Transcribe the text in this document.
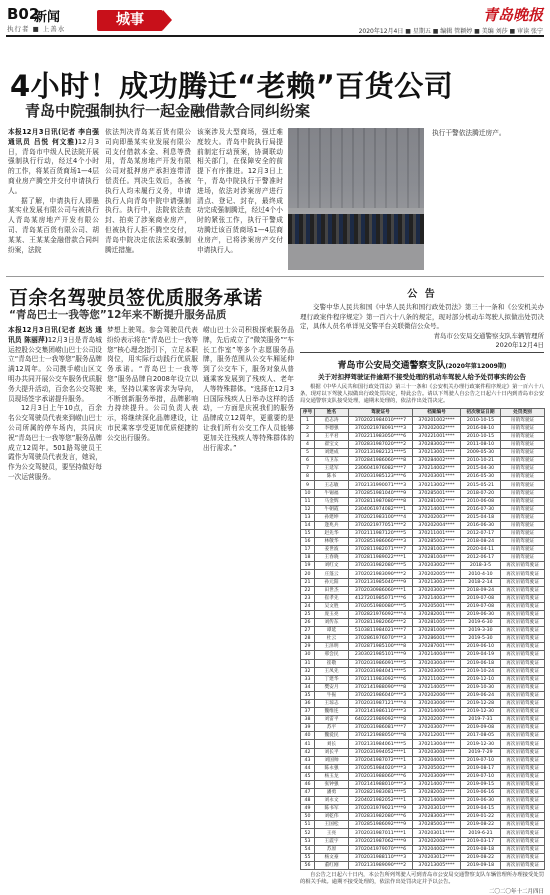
B02
新闻
执行者 ■ 上善水
城事	青岛晚报
2020年12月4日 ■ 星期五 ■ 编辑 管颖婷 ■ 美编 刘莎 ■ 审读 张宁
4小时！成功腾迁“老赖”百货公司
青岛中院强制执行一起金融借款合同纠纷案

本报12月3日讯(记者 李自强 通讯员 吕悦 何文雅)12月3日，青岛市中级人民法院开展强制执行行动，经过4个小时的工作，将某百货商场1—4层商业房产腾空并交付申请执行人。

据了解，申请执行人即墨某实业发展有限公司与被执行人青岛某房地产开发有限公司、青岛某百货有限公司、胡某某、王某某金融借款合同纠纷案，法院

依法判决青岛某百货有限公司向即墨某实业发展有限公司支付借款本金、利息等费用，青岛某房地产开发有限公司对抵押房产承担连带清偿责任。判决生效后，各被执行人均未履行义务，申请执行人向青岛中院申请强制执行。执行中，法院依法查封、拍卖了涉案商业房产，但被执行人拒不腾空交付，青岛中院决定依法采取强制腾迁措施。
该案涉及大型商场，强迁难度较大。青岛中院执行局提前制定行动预案，协调联动相关部门，在保障安全的前提下有序推进。12月3日上午，青岛中院执行干警准时进场，依法对涉案房产进行清点、登记、封存，最终成功完成强制腾迁，经过4个小时的紧张工作，执行干警成功腾迁该百货商场1—4层商业房产，已将涉案房产交付申请执行人。
执行干警依法腾迁房产。
百余名驾驶员签优质服务承诺
“青岛巴士一我等您”12年来不断提升服务品质

本报12月3日讯(记者 赵达 通讯员 陈丽萍)12月3日是青岛城运控股公交集团崂山巴士公司设立“青岛巴士一我等您”服务品牌满12周年。公司携手崂山区文明办共同开展公交车服务优质服务大提升活动，百余名公交驾驶员现场签字承诺提升服务。

12月3日上午10点，百余名公交驾驶员代表来到崂山巴士公司所属的停车场内，共同庆祝“青岛巴士一我等您”服务品牌成立12周年。501路驾驶员王霞作为驾驶员代表发言，她说，作为公交驾驶员，要坚持做好每一次运营服务。

梦想上驶驾。参会驾驶员代表纷纷表示将在“青岛巴士一我等您”核心理念指引下，立足本职岗位，用实际行动践行优质服务承诺。“青岛巴士一我等您”服务品牌自2008年设立以来，坚持以乘客需求为导向，不断创新服务举措，品牌影响力持续提升。公司负责人表示，将继续深化品牌建设，让市民乘客享受更加优质便捷的公交出行服务。
崂山巴士公司积极探索服务品牌，先后成立了“微笑服务”“车长工作室”等多个志愿服务品牌，服务范围从公交车厢延伸到了公交车下，服务对象从普通乘客发展到了残疾人、老年人等特殊群体。“选择在12月3日国际残疾人日举办这样的活动，一方面是庆祝我们的服务品牌成立12周年，更重要的是让我们所有公交工作人员能够更加关注残疾人等特殊群体的出行需求。”
公 告
交警中华人民共和国《中华人民共和国行政处罚法》第三十一条和《公安机关办理行政案件程序规定》第一百六十八条的规定，现对部分机动车驾驶人拟做出处罚决定，具体人员名单详见交警平台关联微信公众号。
青岛市公安局交通警察支队车辆管理所
2020年12月4日
青岛市公安局交通警察支队(2020年第12009期)
关于对扣押驾驶证件逾期不接受处理的机动车驾驶人给予处罚事实的公告
根据《中华人民共和国行政处罚法》第三十一条和《公安机关办理行政案件程序规定》第一百六十八条，现对以下驾驶人拟做出行政处罚决定，特此公告。请以下驾驶人自公告之日起六十日内到青岛市公安局交通警察支队接受处理，逾期未处理的，依法作出处罚决定。
序号	姓名	驾驶证号	档案编号	初次领证日期	处罚类别
1	范志涛	3702021984010****7	370201002****	2010-10-15	吊销驾驶证
2	李德强	3702021978091****3	370202002****	2016-08-10	吊销驾驶证
3	王平君	3702211983050****6	370221001****	2010-10-15	吊销驾驶证
4	翟宝文	3702831987020****2	370283002****	2011-08-10	吊销驾驶证
5	刘建成	3702131982121****5	370213001****	2009-05-30	吊销驾驶证
6	马卫东	3702841986060****8	370284002****	2010-10-21	吊销驾驶证
7	王延军	2306041976082****7	370214002****	2015-04-30	吊销驾驶证
8	陈书	3702031985123****6	370203001****	2016-05-30	吊销驾驶证
9	王志敏	3702131990071****3	370213002****	2015-05-21	吊销驾驶证
10	牛锡福	3702851981040****9	370285001****	2018-07-20	吊销驾驶证
11	马金辉	3702811987080****8	370281002****	2010-06-08	吊销驾驶证
12	牛朝霞	2304061974082****1	370214001****	2016-07-30	吊销驾驶证
13	孙建坤	3702021983100****4	370202003****	2015-04-18	吊销驾驶证
14	逄兆兵	3702021977051****2	370202004****	2016-06-30	吊销驾驶证
15	赵先华	3702111987120****5	370211001****	2012-07-17	吊销驾驶证
16	林敬华	3702851986060****3	370285002****	2018-08-24	吊销驾驶证
17	姜世波	3702811982071****7	370281003****	2020-04-11	吊销驾驶证
18	王春晓	3702811989022****1	370281004****	2012-06-17	吊销驾驶证
19	刘红文	3702031982080****5	370203002****	2018-3-5	再次吊销驾驶证
20	庄蓬云	3702021983090****2	370202005****	2010-4-10	再次吊销驾驶证
21	孙元阳	3702131985040****9	370213003****	2018-2-14	再次吊销驾驶证
22	田世杰	3702030986060****1	370203003****	2018-09-24	再次吊销驾驶证
23	崔孝先	4127201985071****6	370214003****	2019-07-08	再次吊销驾驶证
24	吴文胜	3702051980080****5	370205001****	2019-07-08	再次吊销驾驶证
25	庞玉亮	3702821976092****4	370282001****	2019-06-30	再次吊销驾驶证
26	刘传东	3702811982060****2	370281005****	2019-6-30	再次吊销驾驶证
27	谭延	5103811984021****7	370281006****	2019-3-30	再次吊销驾驶证
28	杜云	3702861976070****3	370286001****	2019-5-30	再次吊销驾驶证
29	王泽明	3702871985100****8	370287001****	2019-06-10	再次吊销驾驶证
30	邢会民	2303021985101****9	370214004****	2019-04-19	再次吊销驾驶证
31	崔敬	3702031986091****5	370203004****	2019-06-18	再次吊销驾驶证
32	王凤先	3702031984041****5	370203005****	2019-10-24	再次吊销驾驶证
33	丁建华	3702111983092****6	370211002****	2019-12-10	再次吊销驾驶证
34	樊安月	3702141988090****8	370214005****	2019-10-30	再次吊销驾驶证
35	牛振	3702021986040****3	370202006****	2019-06-24	再次吊销驾驶证
36	王琼志	3702031987121****4	370203006****	2019-12-28	再次吊销驾驶证
37	魏维连	3702141986110****3	370214006****	2019-12-30	再次吊销驾驶证
38	刘雷平	6402221989092****8	370202007****	2019-7-31	再次吊销驾驶证
39	苏平	3702031986081****7	370203007****	2019-09-08	再次吊销驾驶证
40	魏爱民	3702121988050****8	370212001****	2017-08-05	再次吊销驾驶证
41	刘长	3702131984061****5	370213004****	2019-12-30	再次吊销驾驶证
42	刘长平	3702031994052****1	370203008****	2019-7-29	再次吊销驾驶证
43	刘国帅	3702041987072****1	370204001****	2019-07-10	再次吊销驾驶证
44	陈永强	3702051984020****3	370205002****	2019-08-17	再次吊销驾驶证
45	杨玉龙	3702031988060****6	370203009****	2019-07-10	再次吊销驾驶证
46	张钟强	3702141988010****3	370214007****	2019-09-15	再次吊销驾驶证
47	潘勇	3702821983081****5	370282002****	2019-06-16	再次吊销驾驶证
48	刘永文	2204021982052****1	370214008****	2019-06-30	再次吊销驾驶证
49	陈书军	3702031979021****9	370203010****	2019-04-15	再次吊销驾驶证
50	刘乾伟	3702831982080****6	370283003****	2019-01-22	再次吊销驾驶证
51	王国松	3702851986092****9	370285003****	2019-08-22	再次吊销驾驶证
52	王亮	3702031987011****1	370203011****	2019-6-21	再次吊销驾驶证
53	王震宇	3702021987062****9	370202008****	2019-03-17	再次吊销驾驶证
54	苏原	3702041979070****6	370204002****	2019-08-18	再次吊销驾驶证
55	杨文豪	3702031988110****3	370203012****	2019-08-22	再次吊销驾驶证
56	董红刚	3702131989090****2	370213005****	2019-09-18	再次吊销驾驶证
自公告之日起六十日内，本公告所列驾驶人可到青岛市公安局交通警察支队车辆管理所办理接受处罚的相关手续。逾期不接受处理的，依法作出处罚决定并予以公告。
二〇二〇年十二月四日
